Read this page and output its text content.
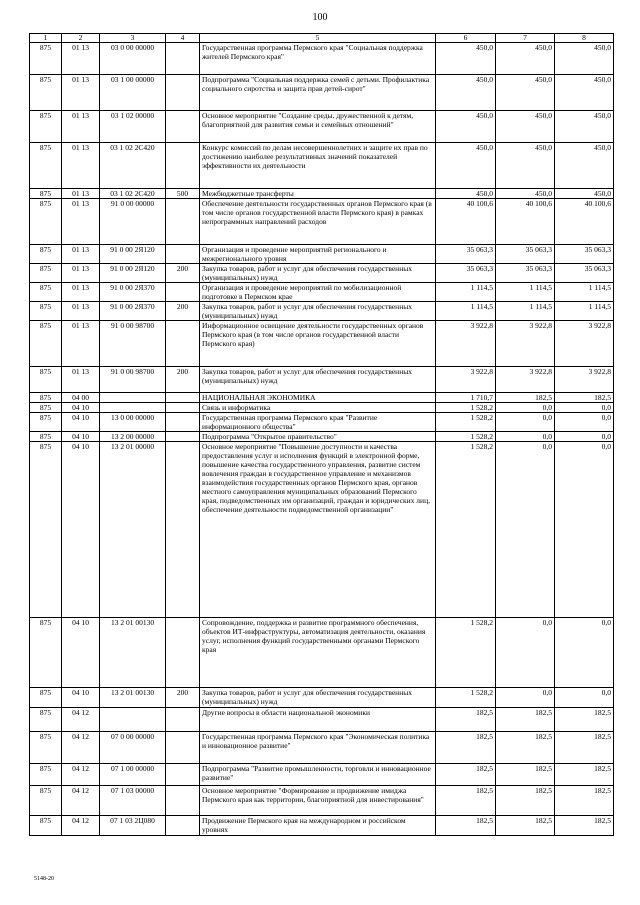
100
1	2	3	4	5	6	7	8
875	01 13	03 0 00 00000		Государственная программа Пермского края "Социальная поддержка жителей Пермского края"	450,0	450,0	450,0
875	01 13	03 1 00 00000		Подпрограмма "Социальная поддержка семей с детьми. Профилактика социального сиротства и защита прав детей-сирот"	450,0	450,0	450,0
875	01 13	03 1 02 00000		Основное мероприятие "Создание среды, дружественной к детям, благоприятной для развития семьи и семейных отношений"	450,0	450,0	450,0
875	01 13	03 1 02 2C420		Конкурс комиссий по делам несовершеннолетних и защите их прав по достижению наиболее результативных значений показателей эффективности их деятельности	450,0	450,0	450,0
875	01 13	03 1 02 2C420	500	Межбюджетные трансферты	450,0	450,0	450,0
875	01 13	91 0 00 00000		Обеспечение деятельности государственных органов Пермского края (в том числе органов государственной власти Пермского края) в рамках непрограммных направлений расходов	40 100,6	40 100,6	40 100,6
875	01 13	91 0 00 2Я120		Организация и проведение мероприятий регионального и межрегионального уровня	35 063,3	35 063,3	35 063,3
875	01 13	91 0 00 2Я120	200	Закупка товаров, работ и услуг для обеспечения государственных (муниципальных) нужд	35 063,3	35 063,3	35 063,3
875	01 13	91 0 00 2Я370		Организация и проведение мероприятий по мобилизационной подготовке в Пермском крае	1 114,5	1 114,5	1 114,5
875	01 13	91 0 00 2Я370	200	Закупка товаров, работ и услуг для обеспечения государственных (муниципальных) нужд	1 114,5	1 114,5	1 114,5
875	01 13	91 0 00 98700		Информационное освещение деятельности государственных органов Пермского края (в том числе органов государственной власти Пермского края)	3 922,8	3 922,8	3 922,8
875	01 13	91 0 00 98700	200	Закупка товаров, работ и услуг для обеспечения государственных (муниципальных) нужд	3 922,8	3 922,8	3 922,8
875	04 00			НАЦИОНАЛЬНАЯ ЭКОНОМИКА	1 710,7	182,5	182,5
875	04 10			Связь и информатика	1 528,2	0,0	0,0
875	04 10	13 0 00 00000		Государственная программа Пермского края "Развитие информационного общества"	1 528,2	0,0	0,0
875	04 10	13 2 00 00000		Подпрограмма "Открытое правительство"	1 528,2	0,0	0,0
875	04 10	13 2 01 00000		Основное мероприятие "Повышение доступности и качества предоставления услуг и исполнения функций в электронной форме, повышение качества государственного управления, развитие систем вовлечения граждан в государственное управление и механизмов взаимодействия государственных органов Пермского края, органов местного самоуправления муниципальных образований Пермского края, подведомственных им организаций, граждан и юридических лиц, обеспечение деятельности подведомственной организации"	1 528,2	0,0	0,0
875	04 10	13 2 01 00130		Сопровождение, поддержка и развитие программного обеспечения, объектов ИТ-инфраструктуры, автоматизация деятельности, оказания услуг, исполнения функций государственными органами Пермского края	1 528,2	0,0	0,0
875	04 10	13 2 01 00130	200	Закупка товаров, работ и услуг для обеспечения государственных (муниципальных) нужд	1 528,2	0,0	0,0
875	04 12			Другие вопросы в области национальной экономики	182,5	182,5	182,5
875	04 12	07 0 00 00000		Государственная программа Пермского края "Экономическая политика и инновационное развитие"	182,5	182,5	182,5
875	04 12	07 1 00 00000		Подпрограмма "Развитие промышленности, торговли и инновационное развитие"	182,5	182,5	182,5
875	04 12	07 1 03 00000		Основное мероприятие "Формирование и продвижение имиджа Пермского края как территории, благоприятной для инвестирования"	182,5	182,5	182,5
875	04 12	07 1 03 2Ц080		Продвижение Пермского края на международном и российском уровнях	182,5	182,5	182,5
5148-20
